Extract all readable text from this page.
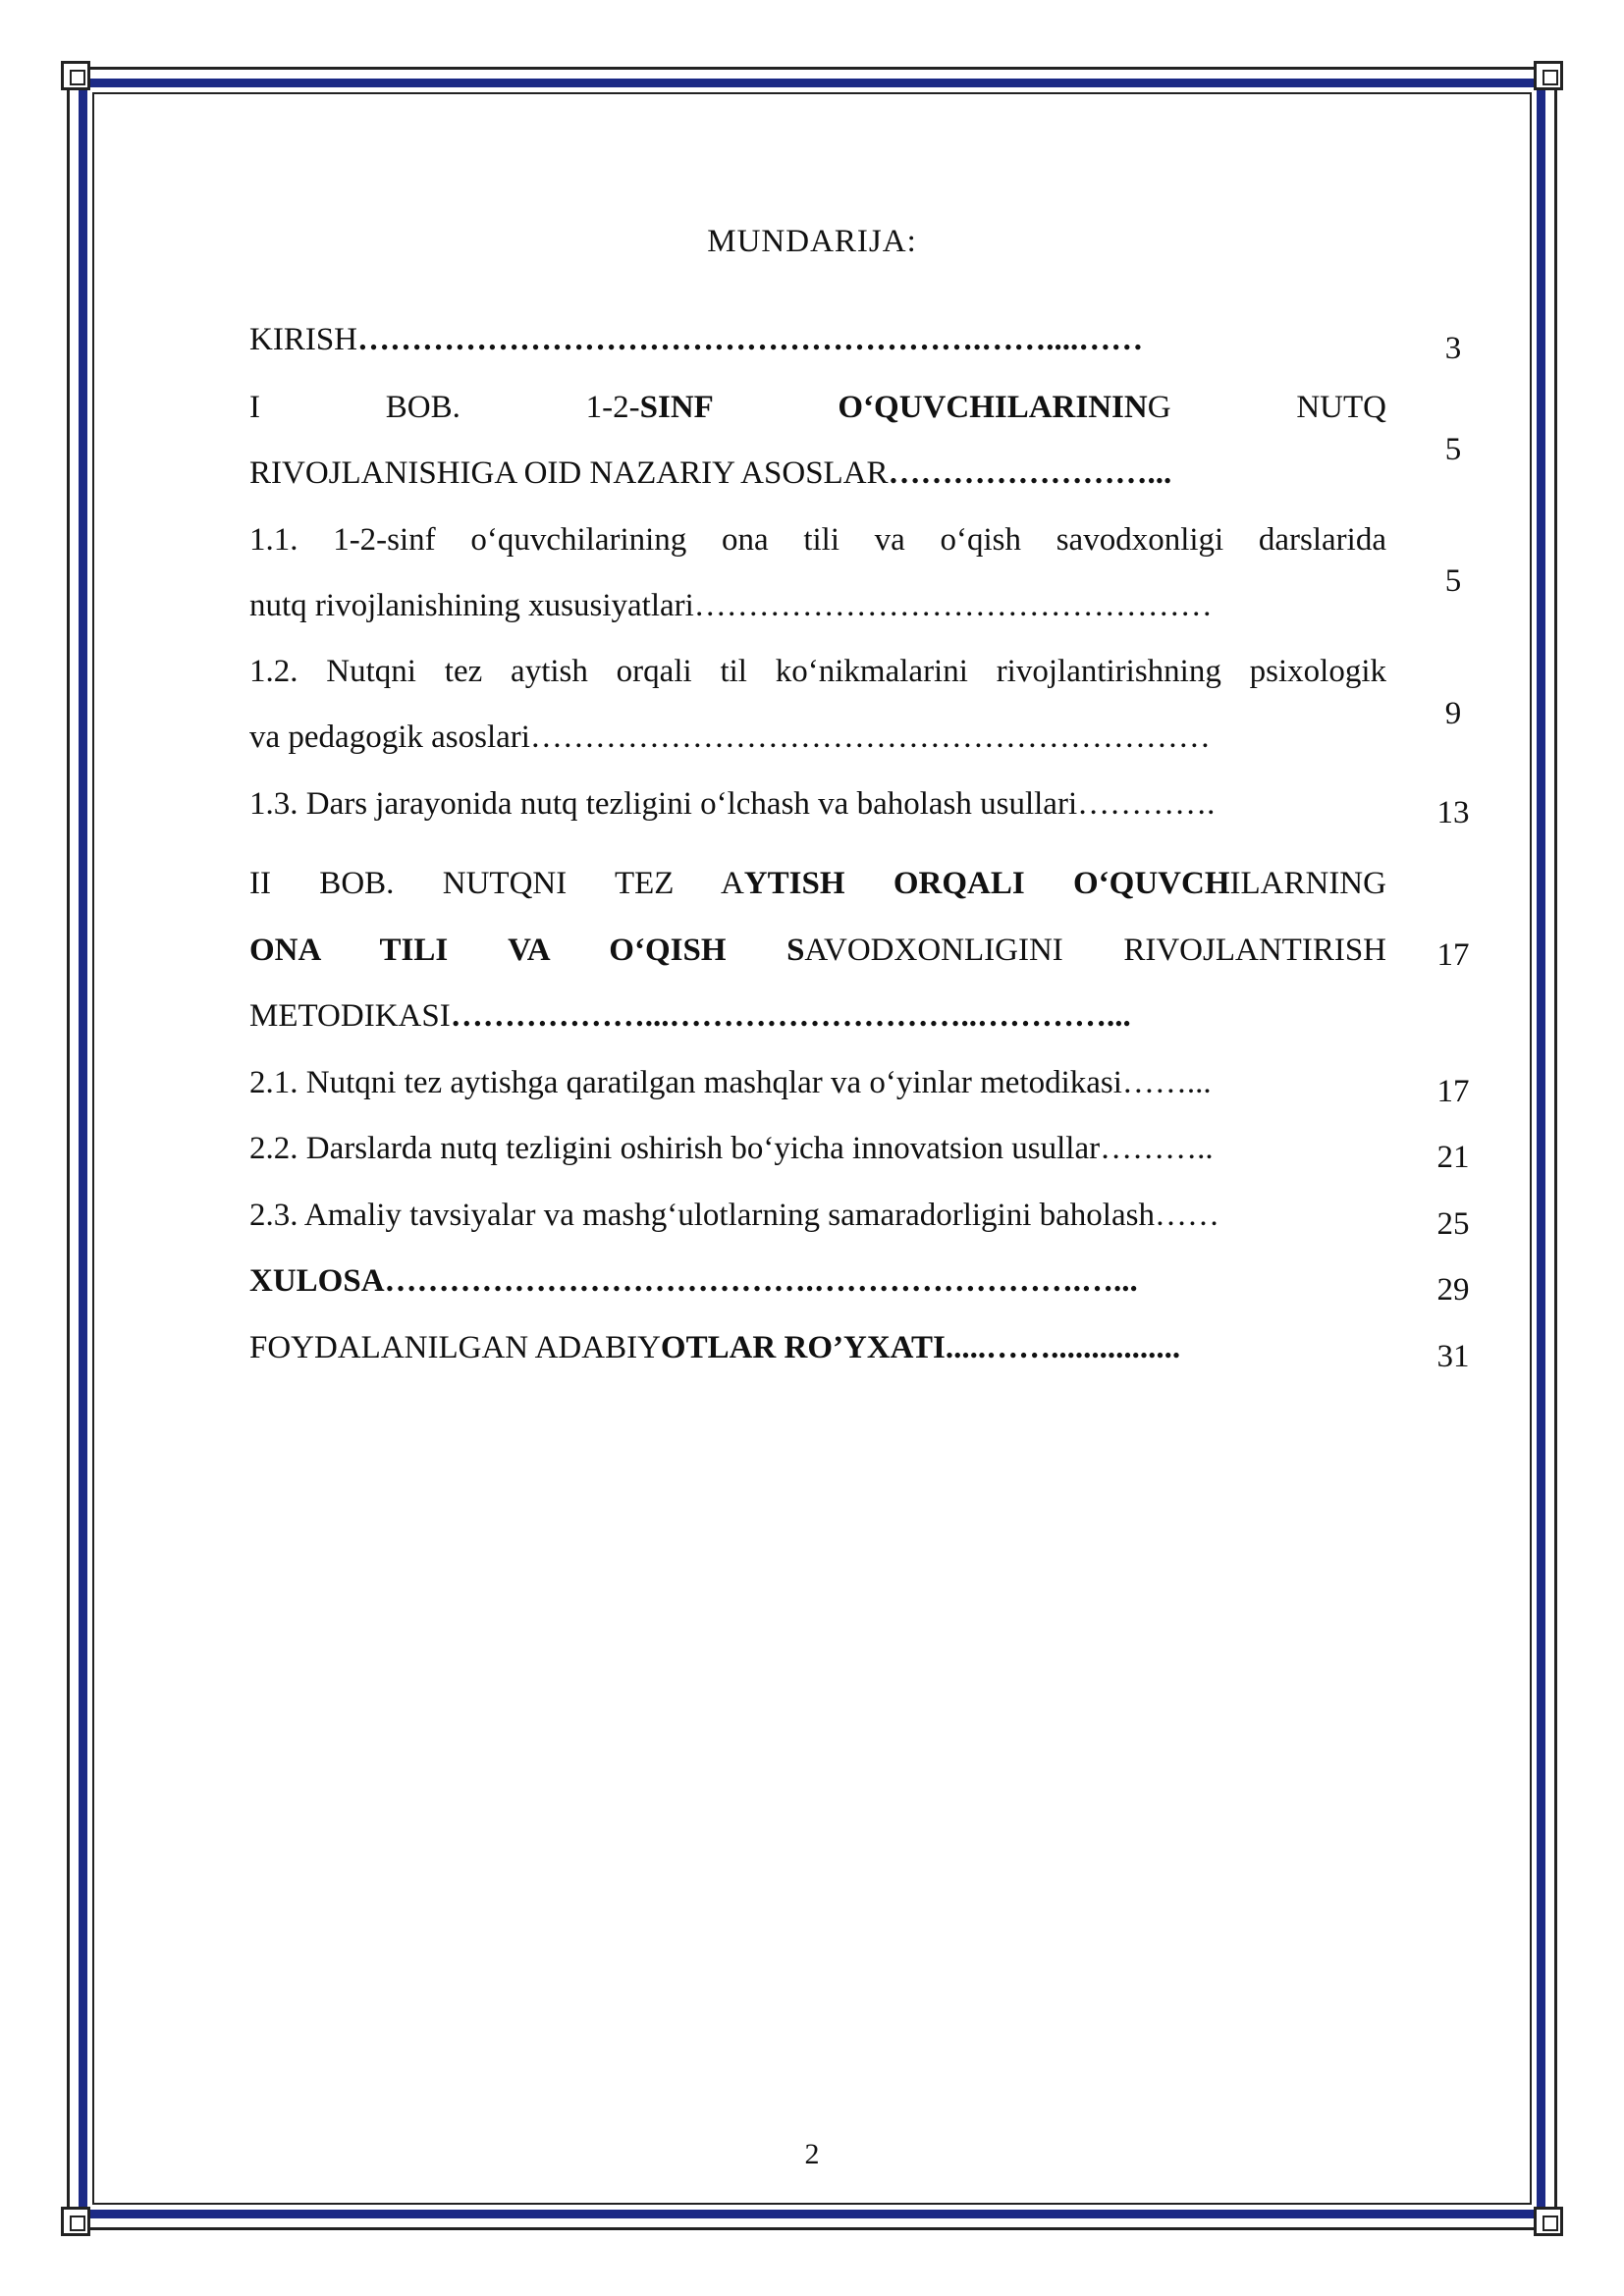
MUNDARIJA:
KIRISH………………………………………………….……....……	3
I BOB. 1-2-SINF O‘QUVCHILARINING NUTQ
RIVOJLANISHIGA OID NAZARIY ASOSLAR……………………...
5
1.1. 1-2-sinf o‘quvchilarining ona tili va o‘qish savodxonligi darslarida
nutq rivojlanishining xususiyatlari…………………………………………
5
1.2. Nutqni tez aytish orqali til ko‘nikmalarini rivojlantirishning psixologik
va pedagogik asoslari………………………………………………………
9
1.3. Dars jarayonida nutq tezligini o‘lchash va baholash usullari………….	13
II BOB. NUTQNI TEZ AYTISH ORQALI O‘QUVCHILARNING
ONA TILI VA O‘QISH SAVODXONLIGINI RIVOJLANTIRISH
METODIKASI………………...………………………..…………...
17
2.1. Nutqni tez aytishga qaratilgan mashqlar va o‘yinlar metodikasi……...	17
2.2. Darslarda nutq tezligini oshirish bo‘yicha innovatsion usullar………..	21
2.3. Amaliy tavsiyalar va mashg‘ulotlarning samaradorligini baholash……	25
XULOSA………………………………….…………………….…...	29
FOYDALANILGAN ADABIYOTLAR RO’YXATI.....……................	31
2
